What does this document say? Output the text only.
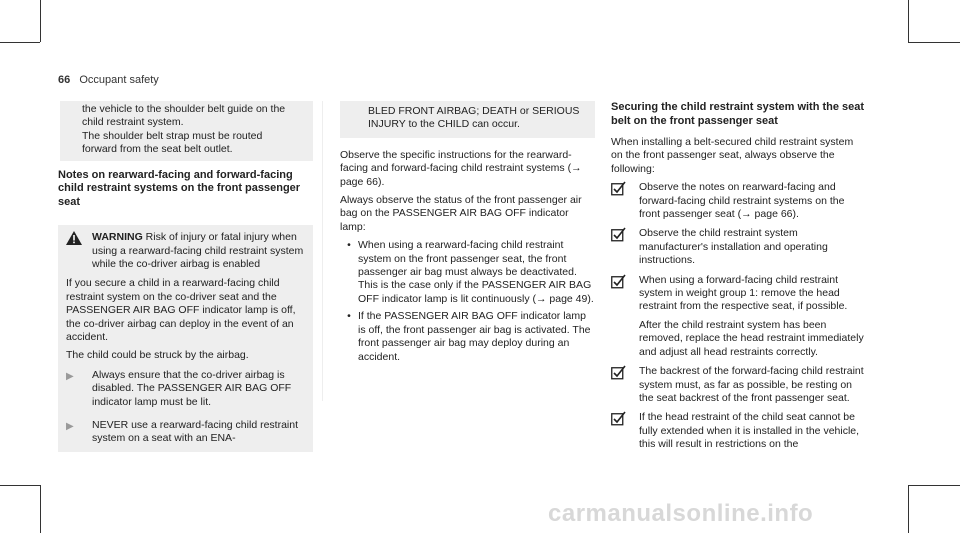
66 Occupant safety
the vehicle to the shoulder belt guide on the
child restraint system.
The shoulder belt strap must be routed
forward from the seat belt outlet.
Notes on rearward-facing and forward-facing child restraint systems on the front passenger seat
WARNING Risk of injury or fatal injury when using a rearward-facing child restraint system while the co-driver airbag is enabled

If you secure a child in a rearward-facing child restraint system on the co-driver seat and the PASSENGER AIR BAG OFF indicator lamp is off, the co-driver airbag can deploy in the event of an accident.

The child could be struck by the airbag.

▶	Always ensure that the co-driver airbag is disabled. The PASSENGER AIR BAG OFF indicator lamp must be lit.
▶	NEVER use a rearward-facing child restraint system on a seat with an ENA-
BLED FRONT AIRBAG; DEATH or SERIOUS INJURY to the CHILD can occur.

Observe the specific instructions for the rearward-facing and forward-facing child restraint systems (→ page 66).

Always observe the status of the front passenger air bag on the PASSENGER AIR BAG OFF indicator lamp:

• When using a rearward-facing child restraint system on the front passenger seat, the front passenger air bag must always be deactivated. This is the case only if the PASSENGER AIR BAG OFF indicator lamp is lit continuously (→ page 49).
• If the PASSENGER AIR BAG OFF indicator lamp is off, the front passenger air bag is activated. The front passenger air bag may deploy during an accident.
Securing the child restraint system with the seat belt on the front passenger seat

When installing a belt-secured child restraint system on the front passenger seat, always observe the following:

Observe the notes on rearward-facing and forward-facing child restraint systems on the front passenger seat (→ page 66).
Observe the child restraint system manufacturer's installation and operating instructions.
When using a forward-facing child restraint system in weight group 1: remove the head restraint from the respective seat, if possible.
After the child restraint system has been removed, replace the head restraint immediately and adjust all head restraints correctly.
The backrest of the forward-facing child restraint system must, as far as possible, be resting on the seat backrest of the front passenger seat.
If the head restraint of the child seat cannot be fully extended when it is installed in the vehicle, this will result in restrictions on the
carmanualsonline.info
